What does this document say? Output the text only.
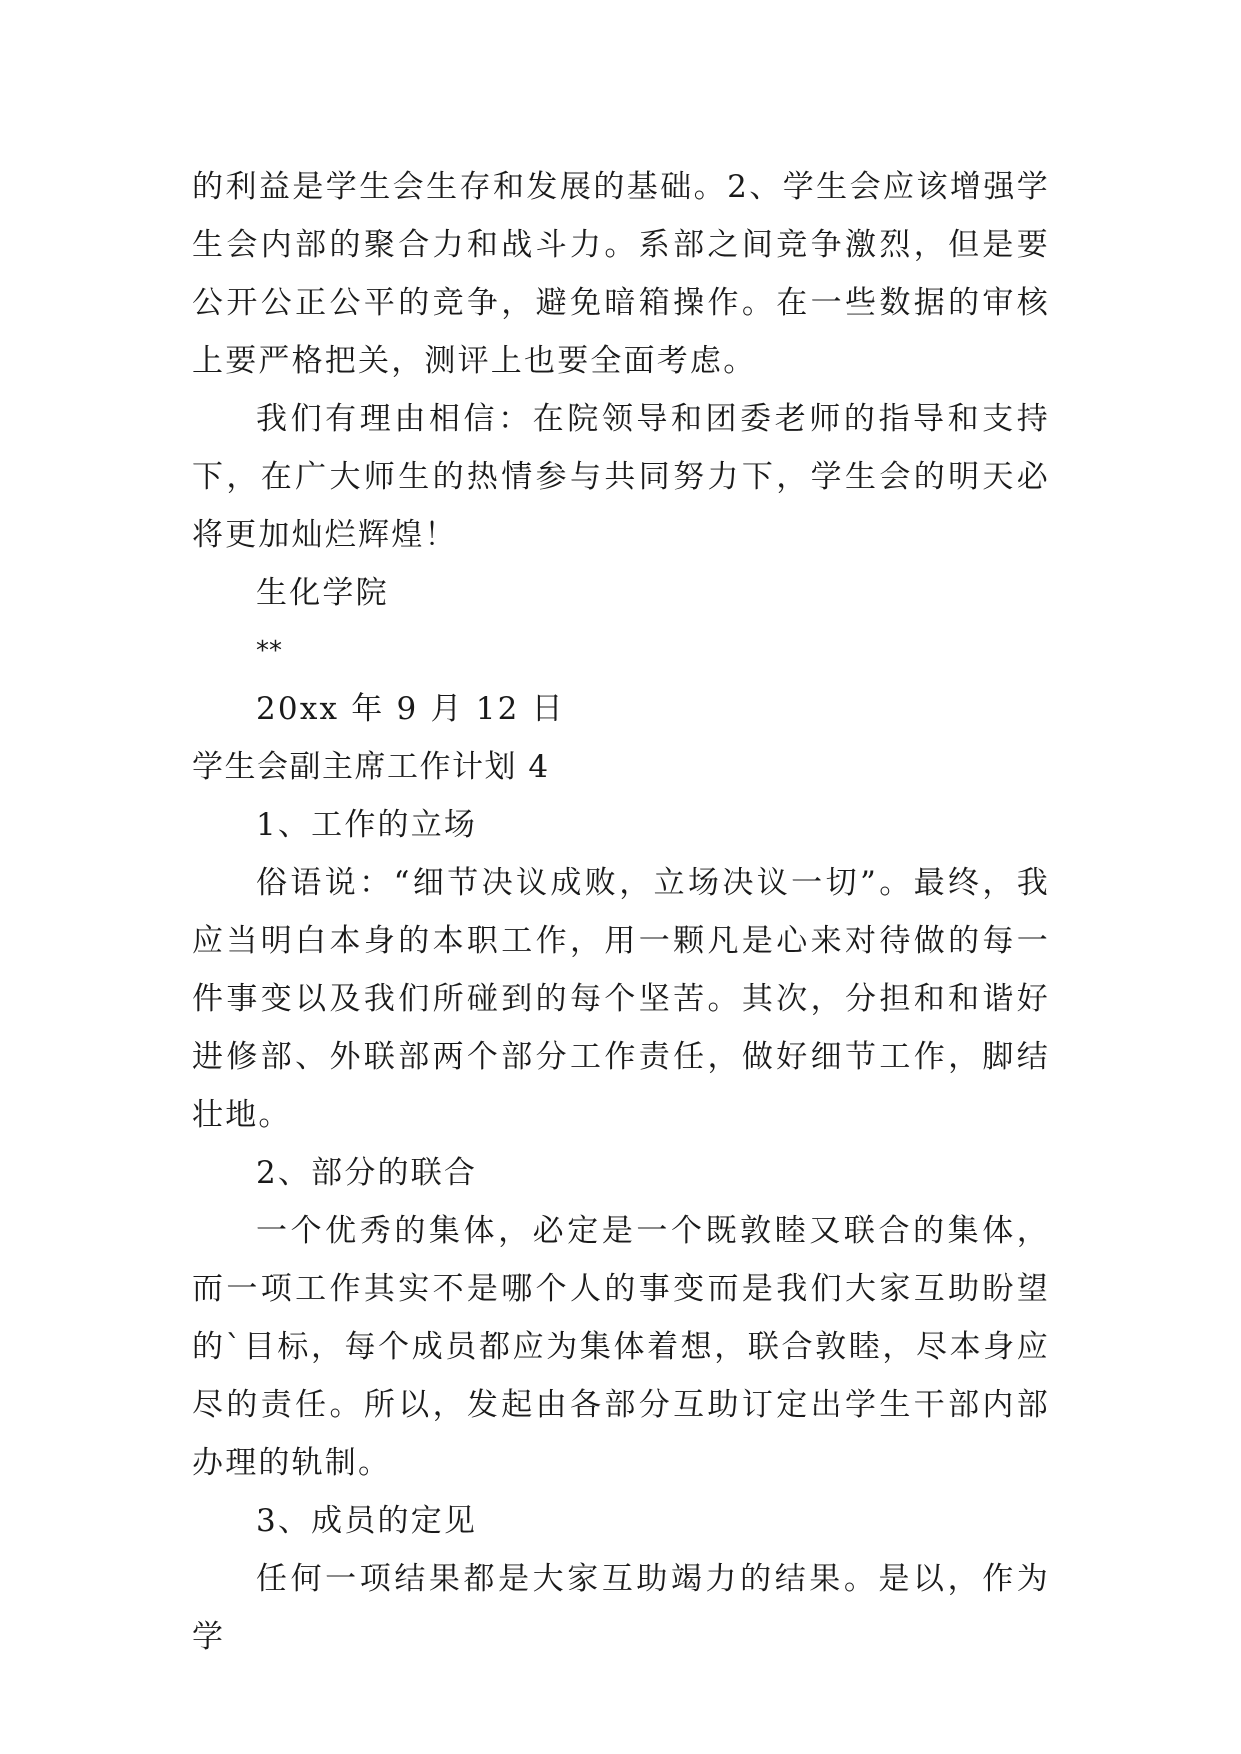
的利益是学生会生存和发展的基础。2、学生会应该增强学生会内部的聚合力和战斗力。系部之间竞争激烈，但是要公开公正公平的竞争，避免暗箱操作。在一些数据的审核上要严格把关，测评上也要全面考虑。

我们有理由相信：在院领导和团委老师的指导和支持下，在广大师生的热情参与共同努力下，学生会的明天必将更加灿烂辉煌！

生化学院

**

20xx 年 9 月 12 日

学生会副主席工作计划 4

1、工作的立场

俗语说：“细节决议成败，立场决议一切”。最终，我应当明白本身的本职工作，用一颗凡是心来对待做的每一件事变以及我们所碰到的每个坚苦。其次，分担和和谐好进修部、外联部两个部分工作责任，做好细节工作，脚结壮地。

2、部分的联合

一个优秀的集体，必定是一个既敦睦又联合的集体，而一项工作其实不是哪个人的事变而是我们大家互助盼望的`目标，每个成员都应为集体着想，联合敦睦，尽本身应尽的责任。所以，发起由各部分互助订定出学生干部内部办理的轨制。

3、成员的定见

任何一项结果都是大家互助竭力的结果。是以，作为学
